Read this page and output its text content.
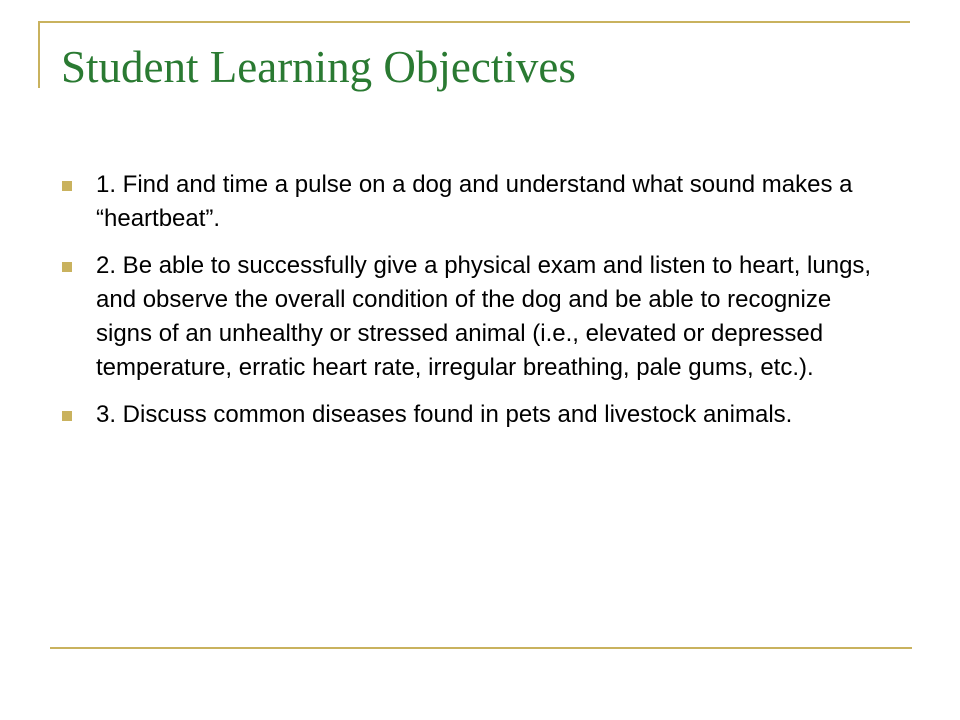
Student Learning Objectives
1. Find and time a pulse on a dog and understand what sound makes a “heartbeat”.
2. Be able to successfully give a physical exam and listen to heart, lungs, and observe the overall condition of the dog and be able to recognize signs of an unhealthy or stressed animal (i.e., elevated or depressed temperature, erratic heart rate, irregular breathing, pale gums, etc.).
3. Discuss common diseases found in pets and livestock animals.
